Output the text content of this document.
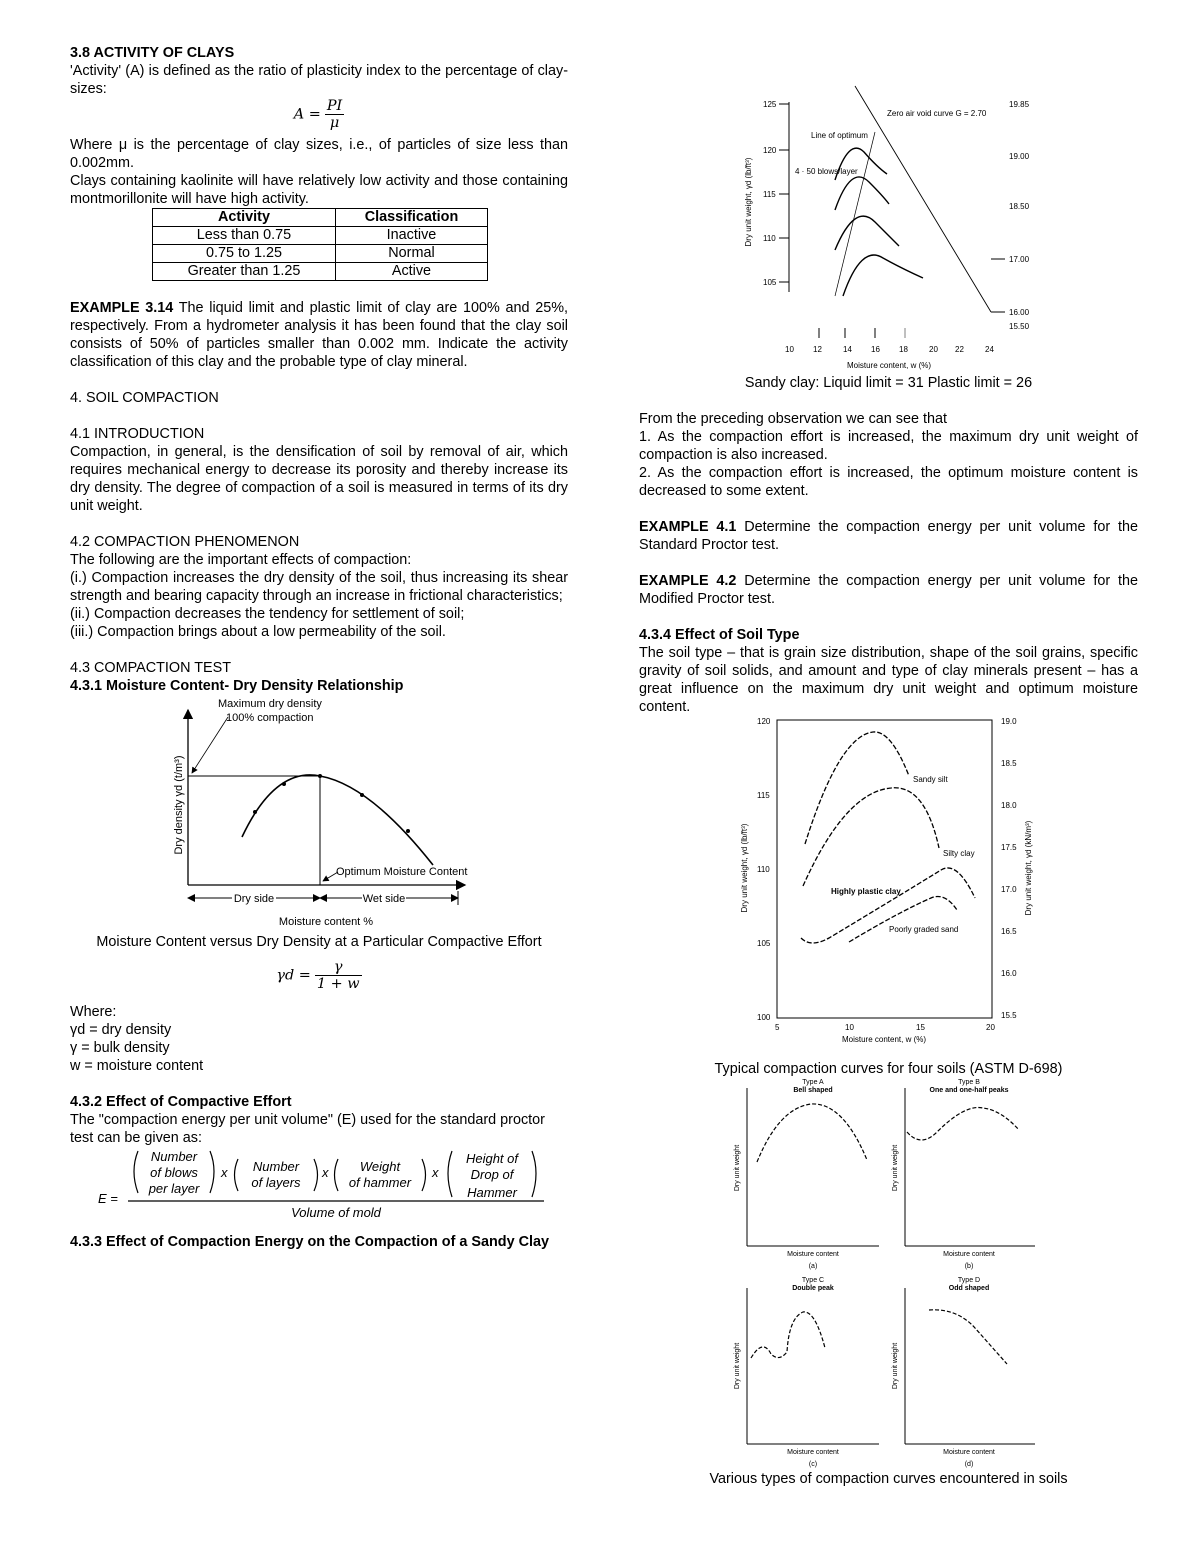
3.8 ACTIVITY OF CLAYS

'Activity' (A) is defined as the ratio of plasticity index to the percentage of clay-sizes:

$A = \frac{PI}{\mu}$

Where μ is the percentage of clay sizes, i.e., of particles of size less than 0.002mm.

Clays containing kaolinite will have relatively low activity and those containing montmorillonite will have high activity.

Activity	Classification
Less than 0.75	Inactive
0.75 to 1.25	Normal
Greater than 1.25	Active

EXAMPLE 3.14 The liquid limit and plastic limit of clay are 100% and 25%, respectively. From a hydrometer analysis it has been found that the clay soil consists of 50% of particles smaller than 0.002 mm. Indicate the activity classification of this clay and the probable type of clay mineral.

4. SOIL COMPACTION

4.1 INTRODUCTION

Compaction, in general, is the densification of soil by removal of air, which requires mechanical energy to decrease its porosity and thereby increase its dry density. The degree of compaction of a soil is measured in terms of its dry unit weight.

4.2 COMPACTION PHENOMENON

The following are the important effects of compaction:

(i.) Compaction increases the dry density of the soil, thus increasing its shear strength and bearing capacity through an increase in frictional characteristics;

(ii.) Compaction decreases the tendency for settlement of soil;

(iii.) Compaction brings about a low permeability of the soil.

4.3 COMPACTION TEST

4.3.1 Moisture Content- Dry Density Relationship

Maximum dry density
100% compaction
Optimum Moisture Content
Dry side	Wet side
Moisture content %
Dry density γd (t/m³)

Moisture Content versus Dry Density at a Particular Compactive Effort

$\gamma d = \frac{\gamma}{1 + w}$

Where:

γd = dry density

γ = bulk density

w = moisture content

4.3.2 Effect of Compactive Effort

The "compaction energy per unit volume" (E) used for the standard proctor test can be given as:

E =
Number
of blows
per layer
x Number
of layers
x Weight
of hammer
x
Height of
Drop of
Hammer
Volume of mold

4.3.3 Effect of Compaction Energy on the Compaction of a Sandy Clay

125
120
115
110
105
Dry unit weight, γd (lb/ft³)
19.85
19.00
18.50
17.00
16.00
15.50
10 12	14 16 18	20 22	24
Moisture content, w (%)
Zero air void curve G = 2.70
Line of optimum
4 · 50 blows/layer

Sandy clay: Liquid limit = 31 Plastic limit = 26

From the preceding observation we can see that

1. As the compaction effort is increased, the maximum dry unit weight of compaction is also increased.

2. As the compaction effort is increased, the optimum moisture content is decreased to some extent.

EXAMPLE 4.1 Determine the compaction energy per unit volume for the Standard Proctor test.

EXAMPLE 4.2 Determine the compaction energy per unit volume for the Modified Proctor test.

4.3.4 Effect of Soil Type

The soil type – that is grain size distribution, shape of the soil grains, specific gravity of soil solids, and amount and type of clay minerals present – has a great influence on the maximum dry unit weight and optimum moisture content.

120
115
110
105
100
19.0
18.5
18.0
17.5
17.0
16.5
16.0
15.5
5	10	15	20
Moisture content, w (%)
Dry unit weight, γd (lb/ft³)	Dry unit weight, γd (kN/m³)
Sandy silt
Silty clay
Highly plastic clay
Poorly graded sand

Typical compaction curves for four soils (ASTM D-698)

Type A
Bell shaped
Dry unit weight
Moisture content
(a)
Type B
One and one-half peaks
Dry unit weight
Moisture content
(b)
Type C
Double peak
Dry unit weight
Moisture content
(c)
Type D
Odd shaped
Dry unit weight
Moisture content
(d)

Various types of compaction curves encountered in soils
